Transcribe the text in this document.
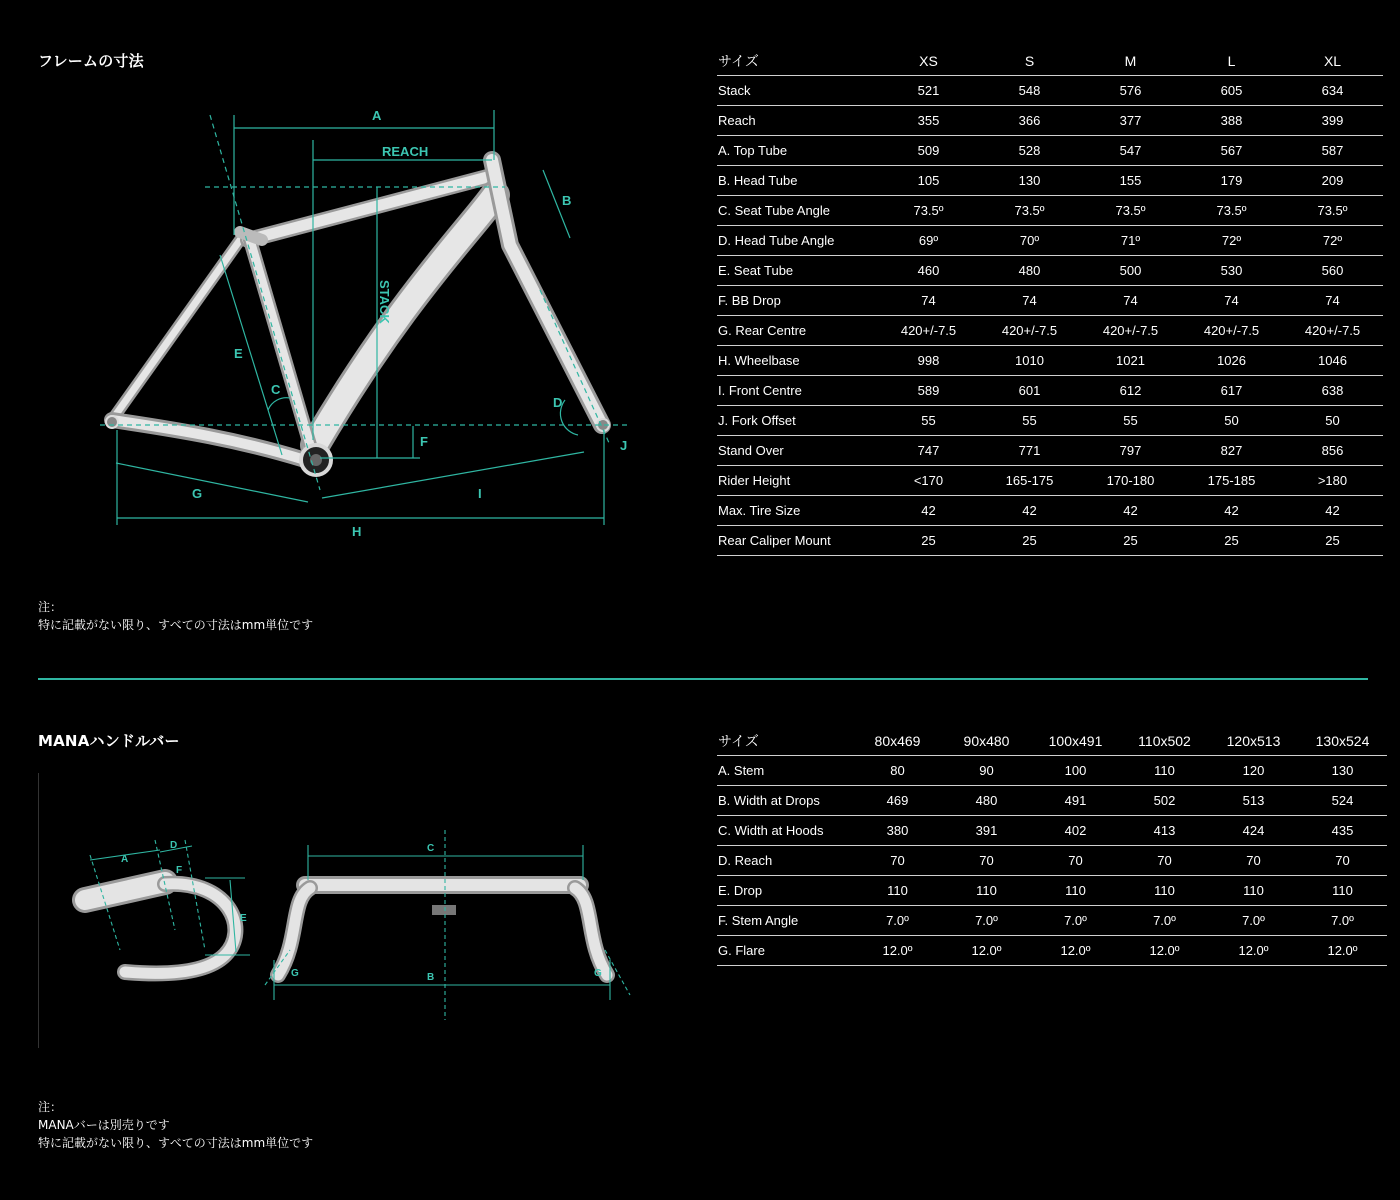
フレームの寸法
A
REACH
B
STACK
E
C
D
F	J
G	I
H
サイズ	XS	S	M	L	XL
Stack	521	548	576	605	634
Reach	355	366	377	388	399
A. Top Tube	509	528	547	567	587
B. Head Tube	105	130	155	179	209
C. Seat Tube Angle	73.5º	73.5º	73.5º	73.5º	73.5º
D. Head Tube Angle	69º	70º	71º	72º	72º
E. Seat Tube	460	480	500	530	560
F. BB Drop	74	74	74	74	74
G. Rear Centre	420+/-7.5	420+/-7.5	420+/-7.5	420+/-7.5	420+/-7.5
H. Wheelbase	998	1010	1021	1026	1046
I. Front Centre	589	601	612	617	638
J. Fork Offset	55	55	55	50	50
Stand Over	747	771	797	827	856
Rider Height	<170	165-175	170-180	175-185	>180
Max. Tire Size	42	42	42	42	42
Rear Caliper Mount	25	25	25	25	25
注：
特に記載がない限り、すべての寸法はmm単位です
MANAハンドルバー
A
D
F
E
C
B
G	G
サイズ	80x469	90x480	100x491	110x502	120x513	130x524
A. Stem	80	90	100	110	120	130
B. Width at Drops	469	480	491	502	513	524
C. Width at Hoods	380	391	402	413	424	435
D. Reach	70	70	70	70	70	70
E. Drop	110	110	110	110	110	110
F. Stem Angle	7.0º	7.0º	7.0º	7.0º	7.0º	7.0º
G. Flare	12.0º	12.0º	12.0º	12.0º	12.0º	12.0º
注：
MANAバーは別売りです
特に記載がない限り、すべての寸法はmm単位です
